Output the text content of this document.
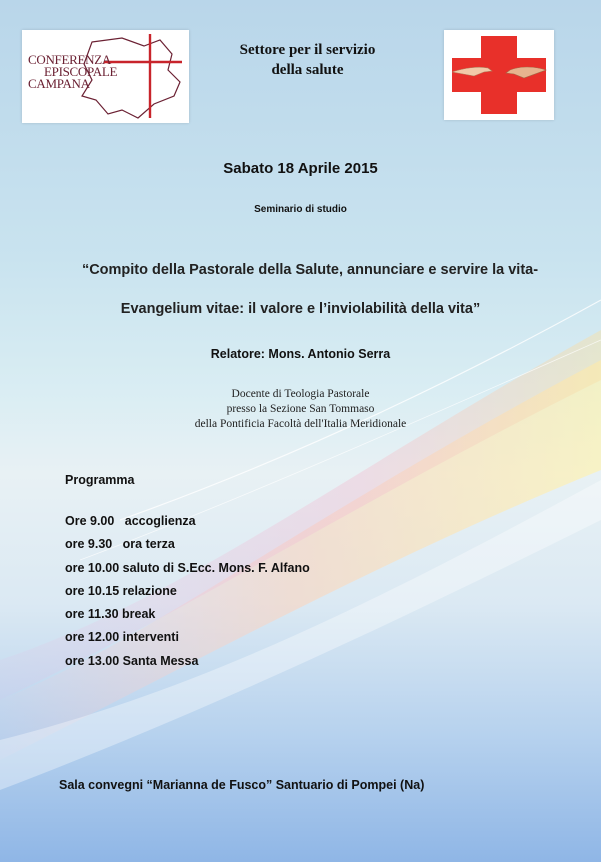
CONFERENZA
EPISCOPALE
CAMPANA
Settore per il servizio
della salute
Sabato 18 Aprile 2015
Seminario di studio
“Compito della Pastorale della Salute, annunciare e servire la vita-
Evangelium vitae: il valore e l’inviolabilità della vita”
Relatore: Mons. Antonio Serra
Docente di Teologia Pastorale
presso la Sezione San Tommaso
della Pontificia Facoltà dell'Italia Meridionale
Programma
Ore 9.00   accoglienza
ore 9.30   ora terza
ore 10.00 saluto di S.Ecc. Mons. F. Alfano
ore 10.15 relazione
ore 11.30 break
ore 12.00 interventi
ore 13.00 Santa Messa
Sala convegni “Marianna de Fusco” Santuario di Pompei (Na)
